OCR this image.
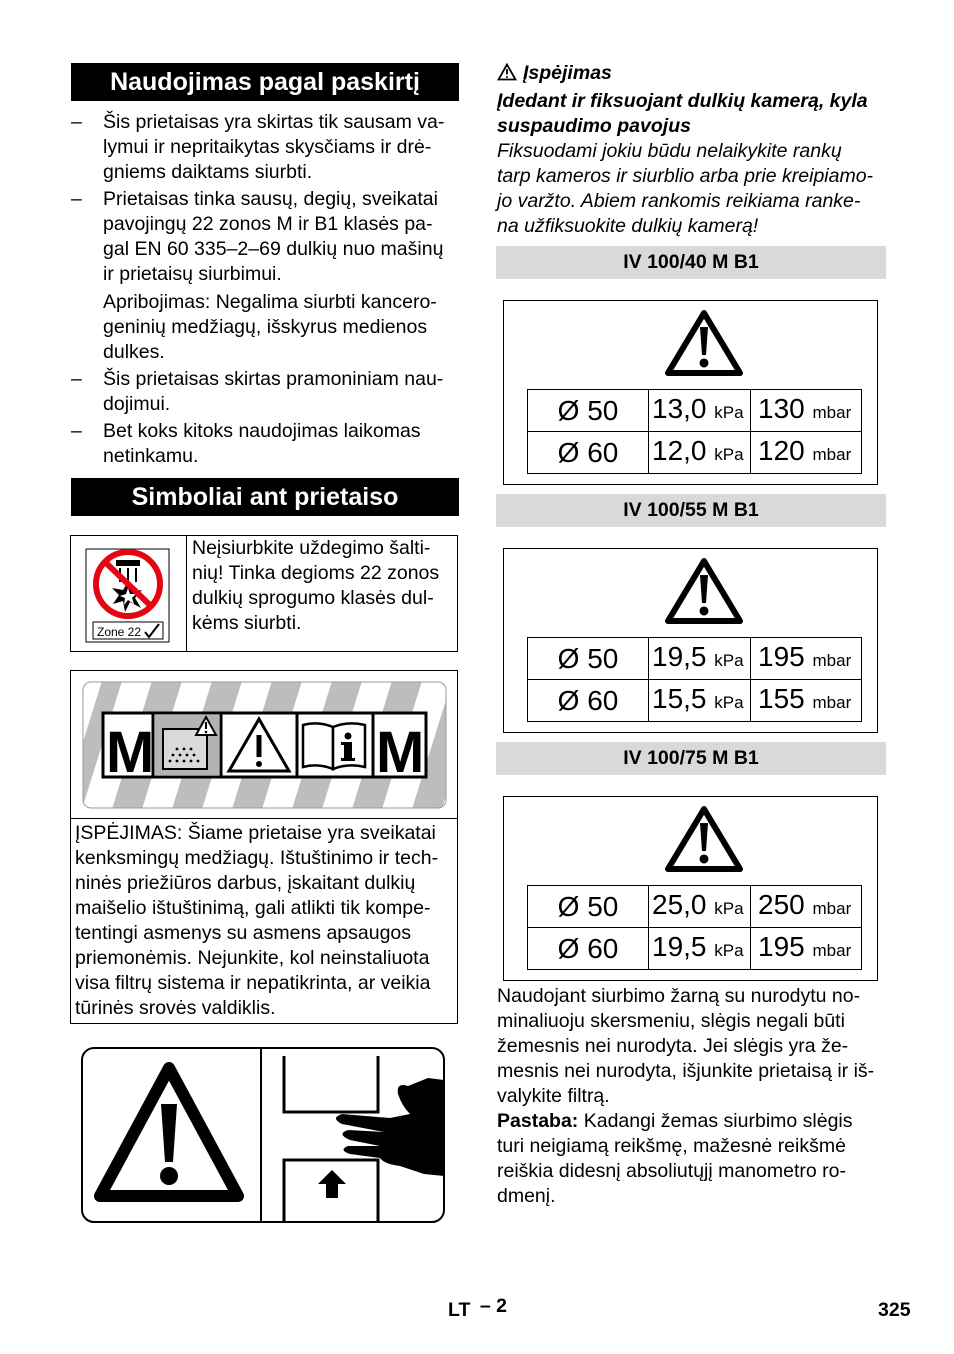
Naudojimas pagal paskirtį
– Šis prietaisas yra skirtas tik sausam va-
lymui ir nepritaikytas skysčiams ir drė-
gniems daiktams siurbti.
– Prietaisas tinka sausų, degių, sveikatai
pavojingų 22 zonos M ir B1 klasės pa-
gal EN 60 335–2–69 dulkių nuo mašinų
ir prietaisų siurbimui.
Apribojimas: Negalima siurbti kancero-
geninių medžiagų, išskyrus medienos
dulkes.
– Šis prietaisas skirtas pramoniniam nau-
dojimui.
– Bet koks kitoks naudojimas laikomas
netinkamu.
Simboliai ant prietaiso
Zone 22
Neįsiurbkite uždegimo šalti-
nių! Tinka degioms 22 zonos
dulkių sprogumo klasės dul-
kėms siurbti.
M	M
ĮSPĖJIMAS: Šiame prietaise yra sveikatai
kenksmingų medžiagų. Ištuštinimo ir tech-
ninės priežiūros darbus, įskaitant dulkių
maišelio ištuštinimą, gali atlikti tik kompe-
tentingi asmenys su asmens apsaugos
priemonėmis. Nejunkite, kol neinstaliuota
visa filtrų sistema ir nepatikrinta, ar veikia
tūrinės srovės valdiklis.
Įspėjimas
Įdedant ir fiksuojant dulkių kamerą, kyla
suspaudimo pavojus
Fiksuodami jokiu būdu nelaikykite rankų
tarp kameros ir siurblio arba prie kreipiamo-
jo varžto. Abiem rankomis reikiama ranke-
na užfiksuokite dulkių kamerą!
IV 100/40 M B1
Ø 50	13,0 kPa	130 mbar
Ø 60	12,0 kPa	120 mbar
IV 100/55 M B1
Ø 50	19,5 kPa	195 mbar
Ø 60	15,5 kPa	155 mbar
IV 100/75 M B1
Ø 50	25,0 kPa	250 mbar
Ø 60	19,5 kPa	195 mbar
Naudojant siurbimo žarną su nurodytu no-
minaliuoju skersmeniu, slėgis negali būti
žemesnis nei nurodyta. Jei slėgis yra že-
mesnis nei nurodyta, išjunkite prietaisą ir iš-
valykite filtrą.
Pastaba: Kadangi žemas siurbimo slėgis
turi neigiamą reikšmę, mažesnė reikšmė
reiškia didesnį absoliutųjį manometro ro-
dmenį.
LT – 2	325
